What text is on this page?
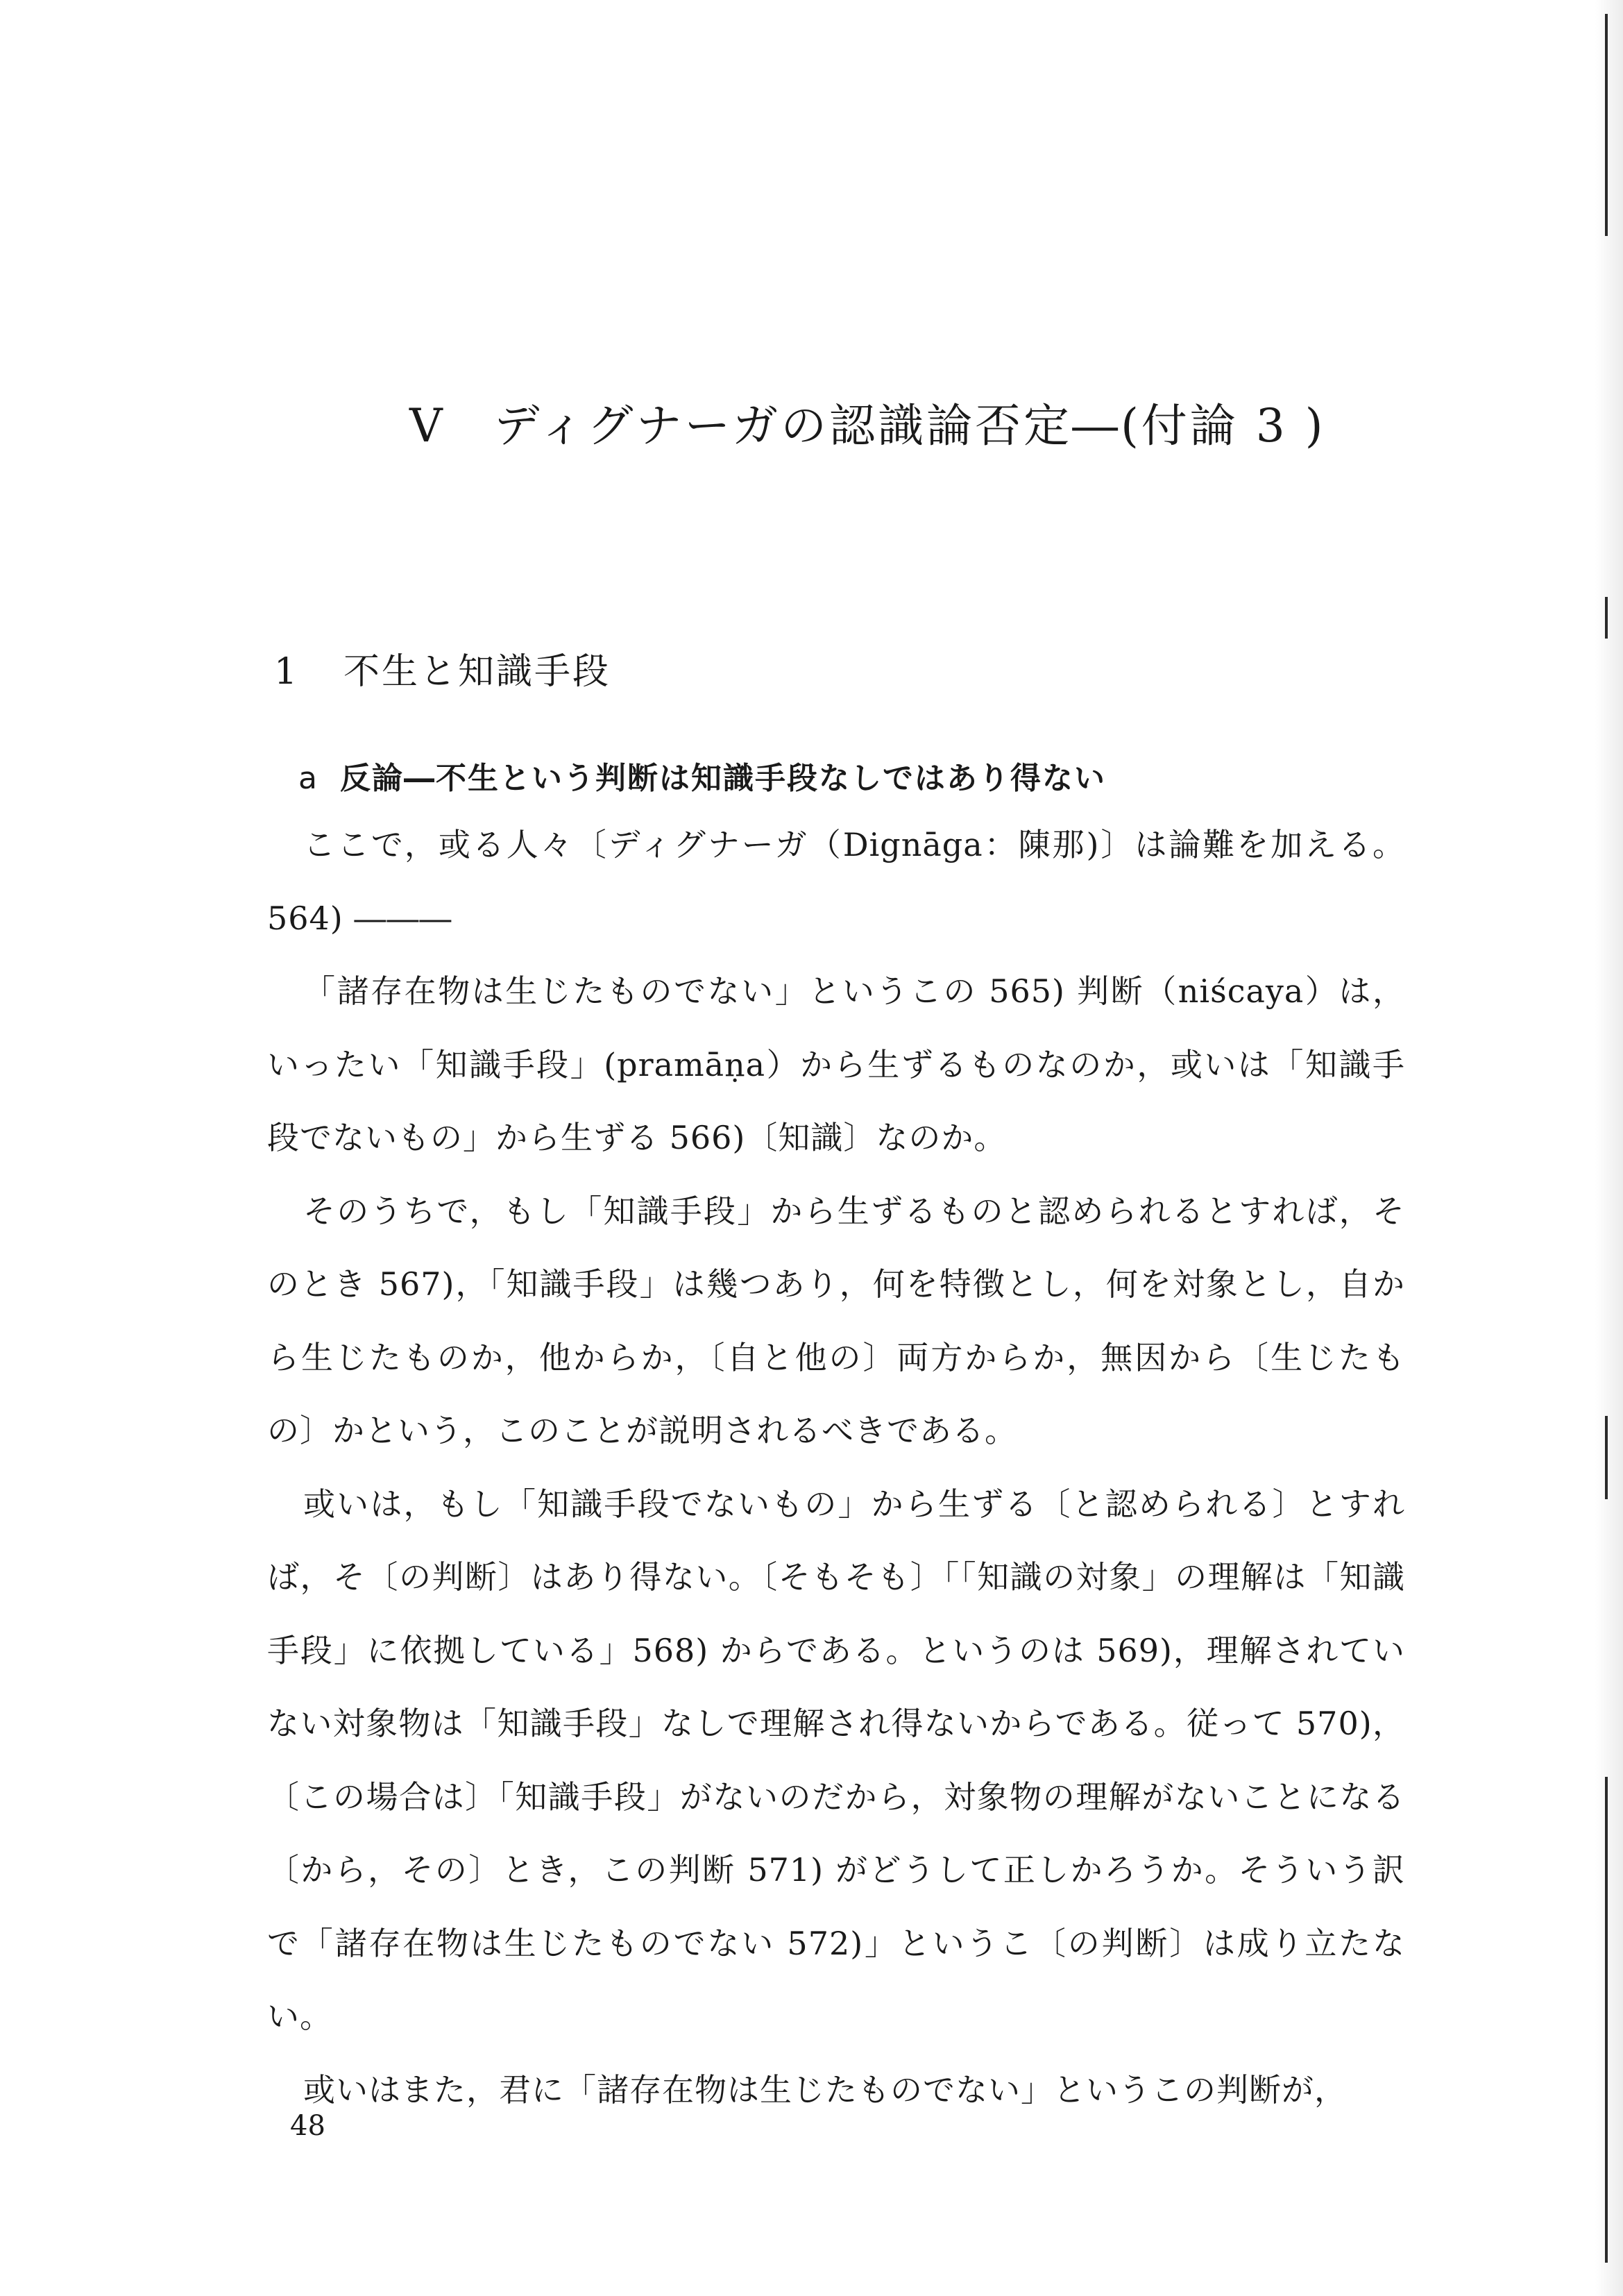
V　ディグナーガの認識論否定―(付論 3 )
1 不生と知識手段
a 反論―不生という判断は知識手段なしではあり得ない

ここで，或る人々〔ディグナーガ（Dignāga：陳那)〕は論難を加える。564) ―――

「諸存在物は生じたものでない」というこの 565) 判断（niścaya）は，いったい「知識手段」(pramāṇa）から生ずるものなのか，或いは「知識手段でないもの」から生ずる 566)〔知識〕なのか。

そのうちで，もし「知識手段」から生ずるものと認められるとすれば，そのとき 567)，「知識手段」は幾つあり，何を特徴とし，何を対象とし，自から生じたものか，他からか，〔自と他の〕両方からか，無因から〔生じたもの〕かという，このことが説明されるべきである。

或いは，もし「知識手段でないもの」から生ずる〔と認められる〕とすれば，そ〔の判断〕はあり得ない。〔そもそも〕「「知識の対象」の理解は「知識手段」に依拠している」568) からである。というのは 569)，理解されていない対象物は「知識手段」なしで理解され得ないからである。従って 570)，〔この場合は〕「知識手段」がないのだから，対象物の理解がないことになる〔から，その〕とき，この判断 571) がどうして正しかろうか。そういう訳で「諸存在物は生じたものでない 572)」というこ〔の判断〕は成り立たない。

或いはまた，君に「諸存在物は生じたものでない」というこの判断が，

48
